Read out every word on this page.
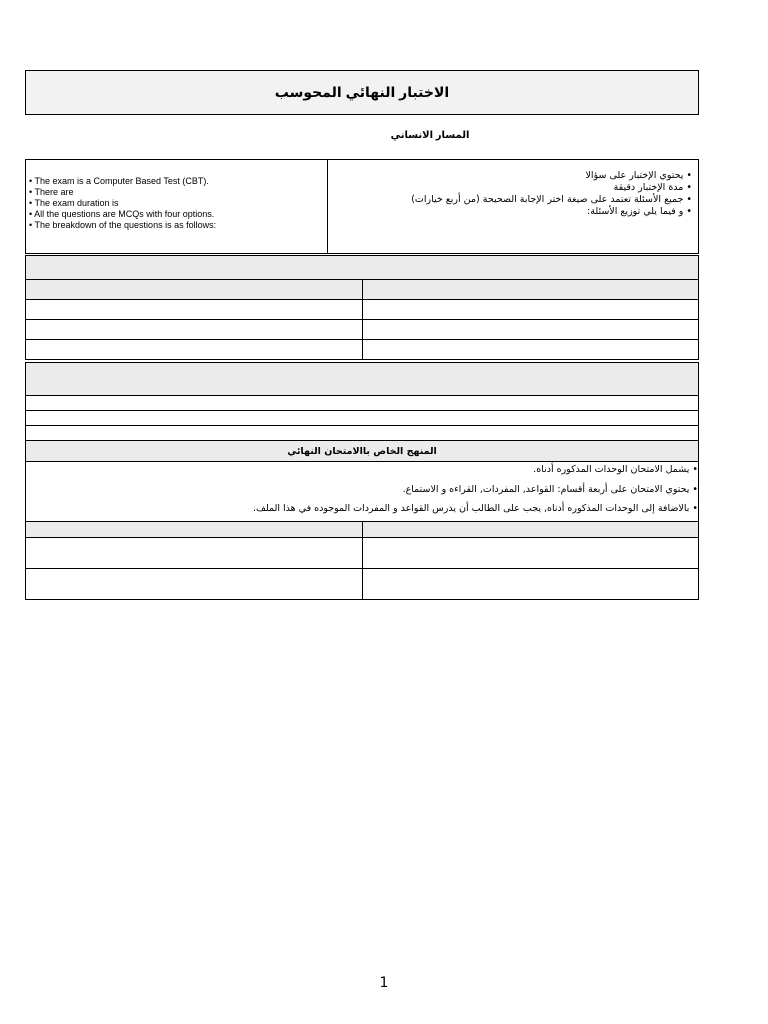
الاختبار النهائي المحوسب
المسار الانساني
• The exam is a Computer Based Test (CBT).
• There are
• The exam duration is
• All the questions are MCQs with four options.
• The breakdown of the questions is as follows:

• يحتوي الإختبار على سؤالا
• مدة الإختبار دقيقة
• جميع الأسئلة تعتمد على صيغة اختر الإجابة الصحيحة (من أربع خيارات)
• و فيما يلي توزيع الأسئلة:

المنهج الخاص باالامتحان النهائي	

• يشمل الامتحان الوحدات المذكوره أدناه.
• يحتوي الامتحان على أربعة أقسام: القواعد, المفردات, القراءه و الاستماع.
• بالاضافة إلى الوحدات المذكوره أدناه, يجب على الطالب أن يدرس القواعد و المفردات الموجوده في هذا الملف.	

1
